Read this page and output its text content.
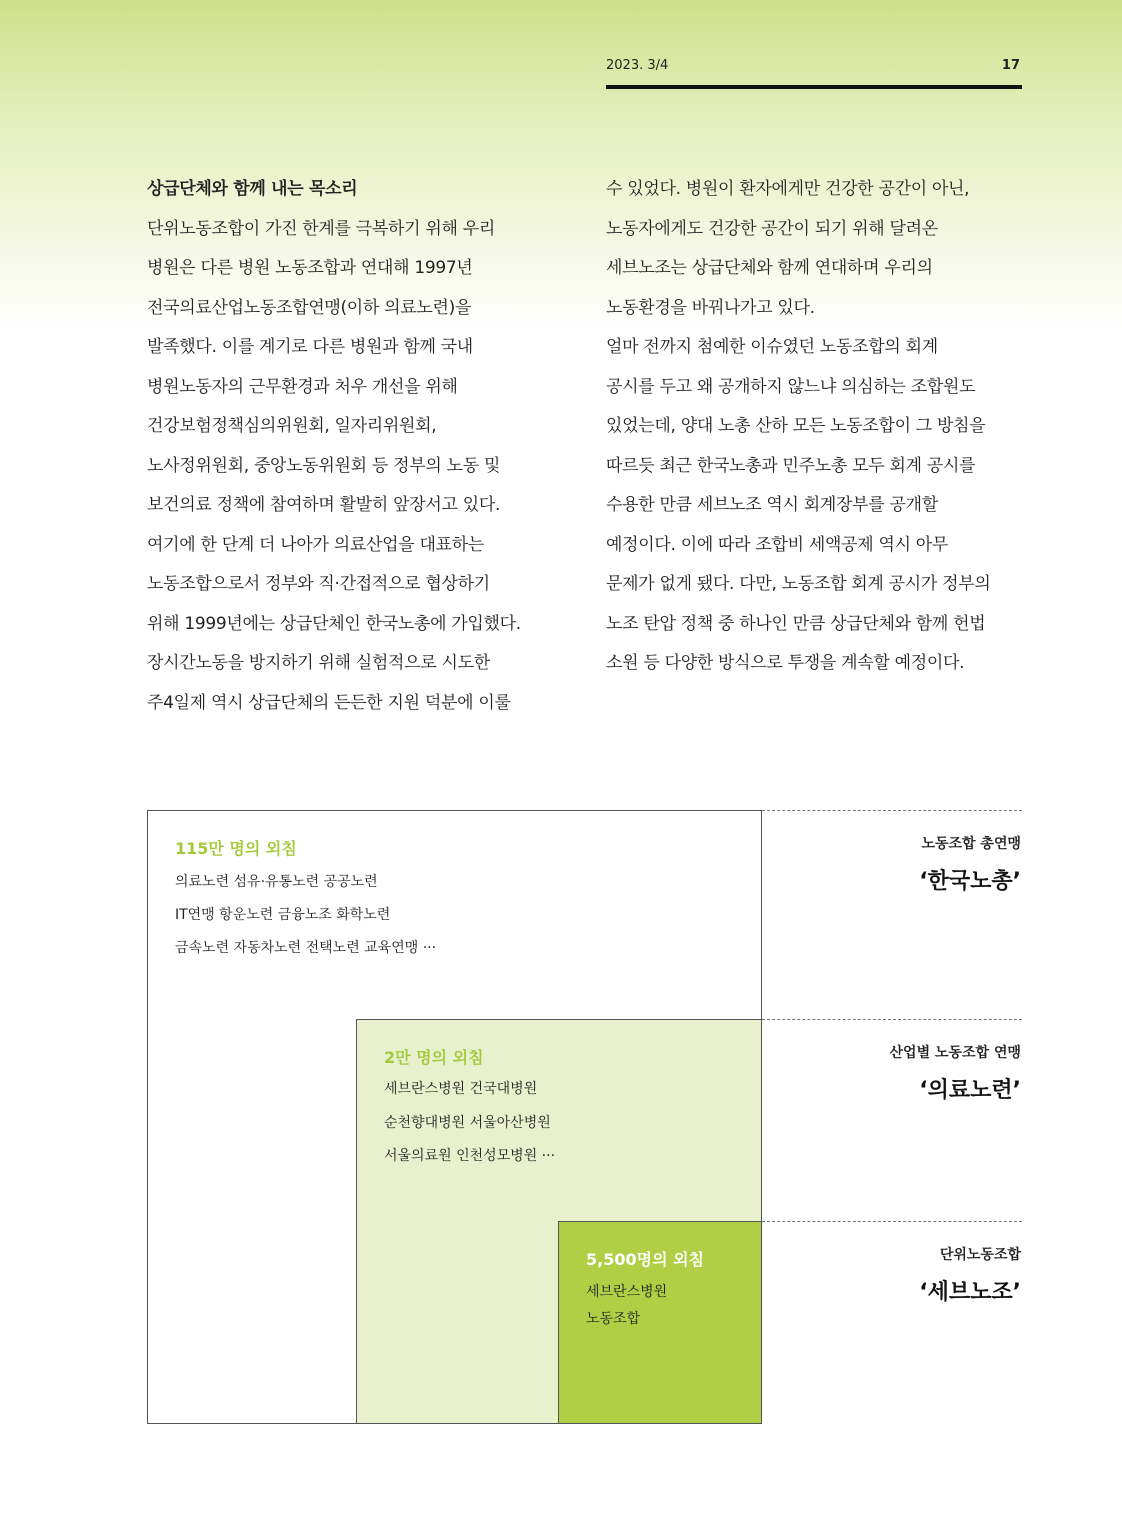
2023. 3/4	17
상급단체와 함께 내는 목소리
단위노동조합이 가진 한계를 극복하기 위해 우리
병원은 다른 병원 노동조합과 연대해 1997년
전국의료산업노동조합연맹(이하 의료노련)을
발족했다. 이를 계기로 다른 병원과 함께 국내
병원노동자의 근무환경과 처우 개선을 위해
건강보험정책심의위원회, 일자리위원회,
노사정위원회, 중앙노동위원회 등 정부의 노동 및
보건의료 정책에 참여하며 활발히 앞장서고 있다.
여기에 한 단계 더 나아가 의료산업을 대표하는
노동조합으로서 정부와 직·간접적으로 협상하기
위해 1999년에는 상급단체인 한국노총에 가입했다.
장시간노동을 방지하기 위해 실험적으로 시도한
주4일제 역시 상급단체의 든든한 지원 덕분에 이룰
수 있었다. 병원이 환자에게만 건강한 공간이 아닌,
노동자에게도 건강한 공간이 되기 위해 달려온
세브노조는 상급단체와 함께 연대하며 우리의
노동환경을 바꿔나가고 있다.
얼마 전까지 첨예한 이슈였던 노동조합의 회계
공시를 두고 왜 공개하지 않느냐 의심하는 조합원도
있었는데, 양대 노총 산하 모든 노동조합이 그 방침을
따르듯 최근 한국노총과 민주노총 모두 회계 공시를
수용한 만큼 세브노조 역시 회계장부를 공개할
예정이다. 이에 따라 조합비 세액공제 역시 아무
문제가 없게 됐다. 다만, 노동조합 회계 공시가 정부의
노조 탄압 정책 중 하나인 만큼 상급단체와 함께 헌법
소원 등 다양한 방식으로 투쟁을 계속할 예정이다.
115만 명의 외침
의료노련 섬유·유통노련 공공노련
IT연맹 항운노련 금융노조 화학노련
금속노련 자동차노련 전택노련 교육연맹 ···
2만 명의 외침
세브란스병원 건국대병원
순천향대병원 서울아산병원
서울의료원 인천성모병원 ···
5,500명의 외침
세브란스병원
노동조합
노동조합 총연맹
‘한국노총’
산업별 노동조합 연맹
‘의료노련’
단위노동조합
‘세브노조’
